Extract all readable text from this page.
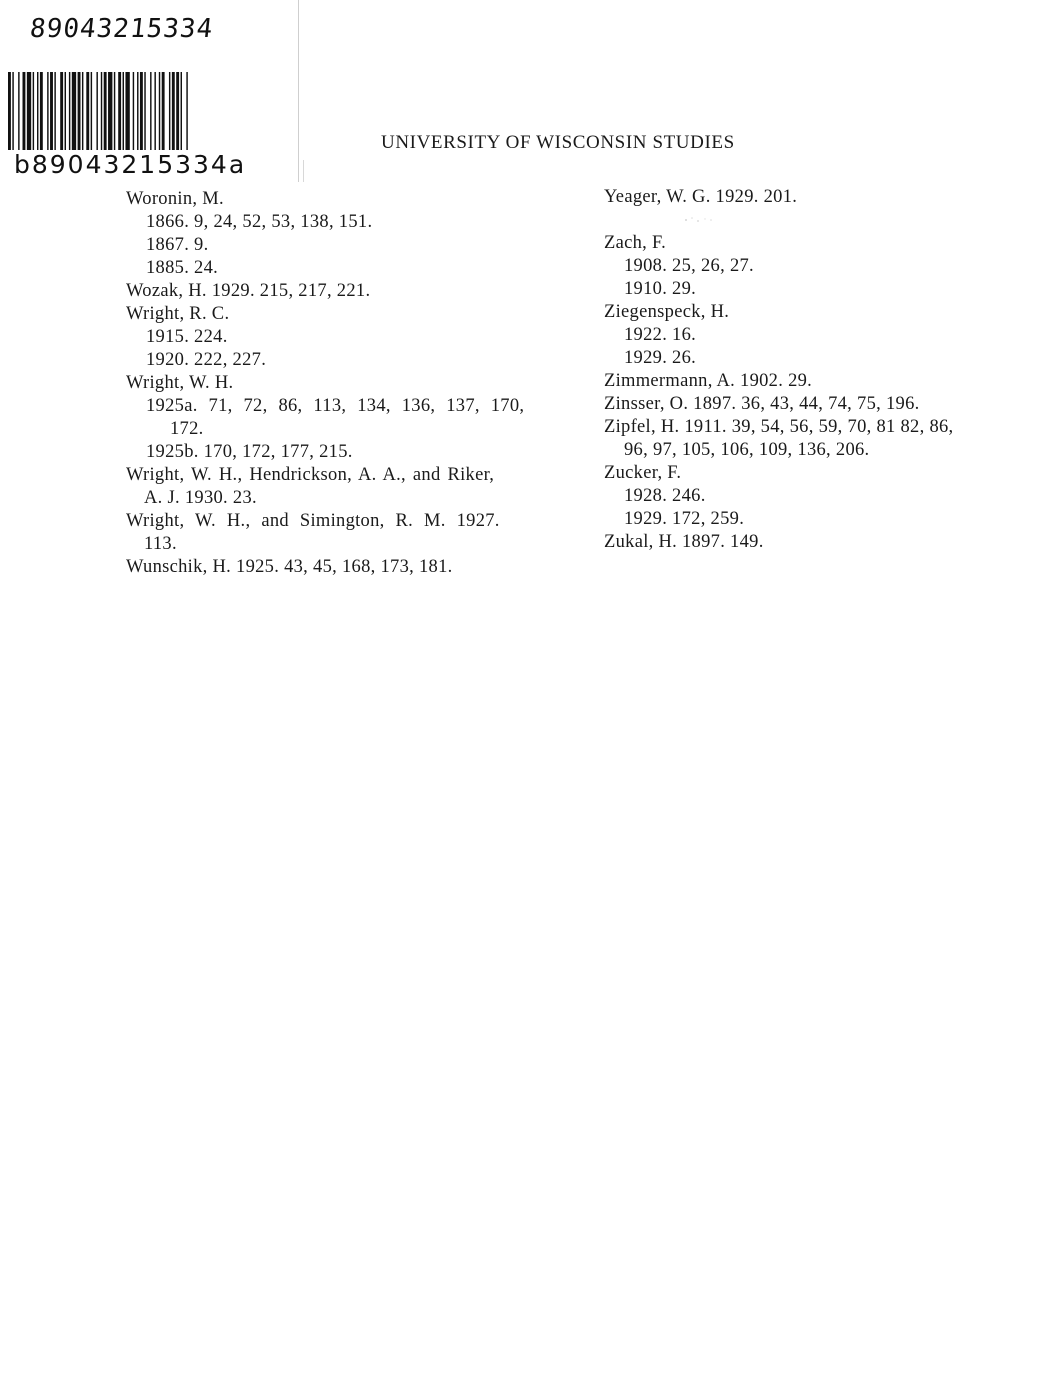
89043215334
b89043215334a
UNIVERSITY OF WISCONSIN STUDIES
Woronin, M.
1866. 9, 24, 52, 53, 138, 151.
1867. 9.
1885. 24.
Wozak, H. 1929. 215, 217, 221.
Wright, R. C.
1915. 224.
1920. 222, 227.
Wright, W. H.
1925a. 71, 72, 86, 113, 134, 136, 137, 170,
172.
1925b. 170, 172, 177, 215.
Wright, W. H., Hendrickson, A. A., and Riker,
A. J. 1930. 23.
Wright, W. H., and Simington, R. M. 1927.
113.
Wunschik, H. 1925. 43, 45, 168, 173, 181.
Yeager, W. G. 1929. 201.
Zach, F.
1908. 25, 26, 27.
1910. 29.
Ziegenspeck, H.
1922. 16.
1929. 26.
Zimmermann, A. 1902. 29.
Zinsser, O. 1897. 36, 43, 44, 74, 75, 196.
Zipfel, H. 1911. 39, 54, 56, 59, 70, 81 82, 86,
96, 97, 105, 106, 109, 136, 206.
Zucker, F.
1928. 246.
1929. 172, 259.
Zukal, H. 1897. 149.
